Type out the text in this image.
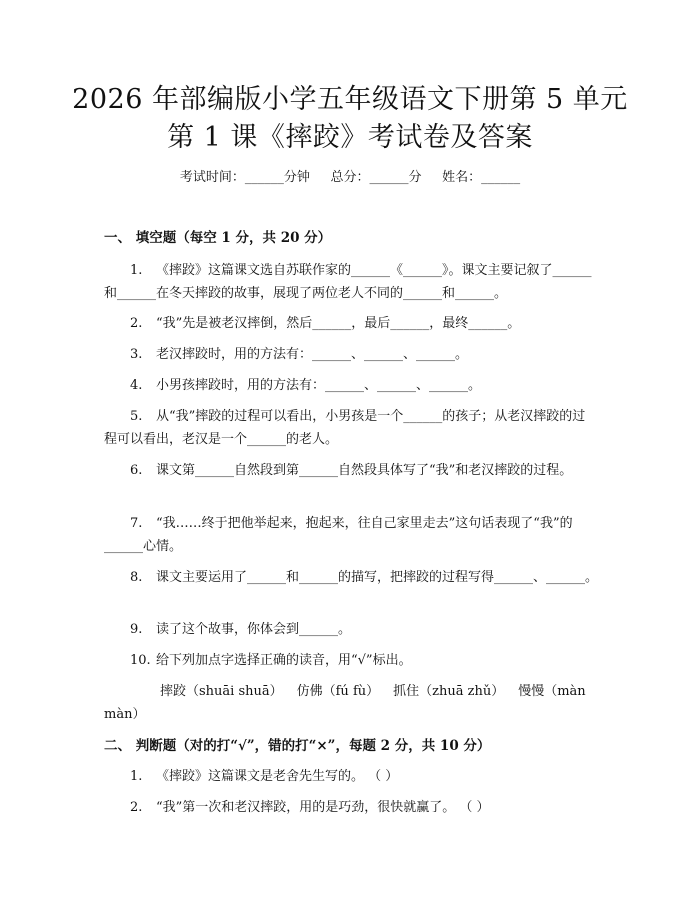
2026 年部编版小学五年级语文下册第 5 单元
第 1 课《摔跤》考试卷及答案
考试时间：______分钟     总分：______分     姓名：______
一、 填空题（每空 1 分，共 20 分）

1. 《摔跤》这篇课文选自苏联作家的______《______》。课文主要记叙了______和______在冬天摔跤的故事，展现了两位老人不同的______和______。

2. “我”先是被老汉摔倒，然后______，最后______，最终______。

3. 老汉摔跤时，用的方法有：______、______、______。

4. 小男孩摔跤时，用的方法有：______、______、______。

5. 从“我”摔跤的过程可以看出，小男孩是一个______的孩子；从老汉摔跤的过程可以看出，老汉是一个______的老人。

6. 课文第______自然段到第______自然段具体写了“我”和老汉摔跤的过程。

7. “我……终于把他举起来，抱起来，往自己家里走去”这句话表现了“我”的______心情。

8. 课文主要运用了______和______的描写，把摔跤的过程写得______、______。

9. 读了这个故事，你体会到______。

10. 给下列加点字选择正确的读音，用“√”标出。

摔跤（shuāi shuā） 仿佛（fú fù） 抓住（zhuā zhǔ） 慢慢（màn màn）

二、 判断题（对的打“√”，错的打“×”，每题 2 分，共 10 分）

1. 《摔跤》这篇课文是老舍先生写的。 （ ）

2. “我”第一次和老汉摔跤，用的是巧劲，很快就赢了。 （ ）
